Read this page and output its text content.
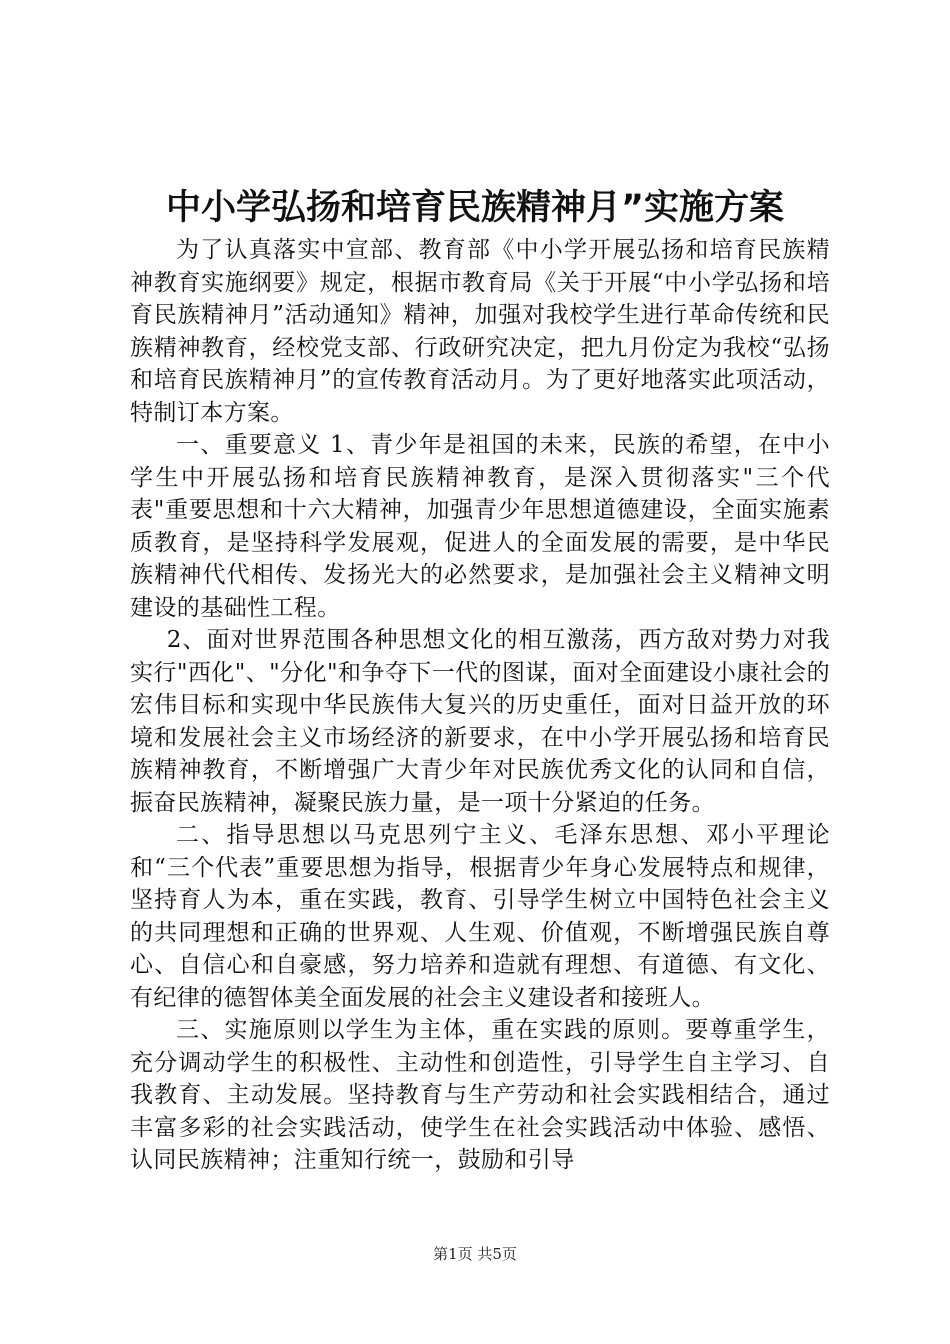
中小学弘扬和培育民族精神月”实施方案

为了认真落实中宣部、教育部《中小学开展弘扬和培育民族精神教育实施纲要》规定，根据市教育局《关于开展“中小学弘扬和培育民族精神月”活动通知》精神，加强对我校学生进行革命传统和民族精神教育，经校党支部、行政研究决定，把九月份定为我校“弘扬和培育民族精神月”的宣传教育活动月。为了更好地落实此项活动，特制订本方案。

一、重要意义 1、青少年是祖国的未来，民族的希望，在中小学生中开展弘扬和培育民族精神教育，是深入贯彻落实"三个代表"重要思想和十六大精神，加强青少年思想道德建设，全面实施素质教育，是坚持科学发展观，促进人的全面发展的需要，是中华民族精神代代相传、发扬光大的必然要求，是加强社会主义精神文明建设的基础性工程。

2、面对世界范围各种思想文化的相互激荡，西方敌对势力对我实行"西化"、"分化"和争夺下一代的图谋，面对全面建设小康社会的宏伟目标和实现中华民族伟大复兴的历史重任，面对日益开放的环境和发展社会主义市场经济的新要求，在中小学开展弘扬和培育民族精神教育，不断增强广大青少年对民族优秀文化的认同和自信，振奋民族精神，凝聚民族力量，是一项十分紧迫的任务。

二、指导思想以马克思列宁主义、毛泽东思想、邓小平理论和“三个代表”重要思想为指导，根据青少年身心发展特点和规律，坚持育人为本，重在实践，教育、引导学生树立中国特色社会主义的共同理想和正确的世界观、人生观、价值观，不断增强民族自尊心、自信心和自豪感，努力培养和造就有理想、有道德、有文化、有纪律的德智体美全面发展的社会主义建设者和接班人。

三、实施原则以学生为主体，重在实践的原则。要尊重学生，充分调动学生的积极性、主动性和创造性，引导学生自主学习、自我教育、主动发展。坚持教育与生产劳动和社会实践相结合，通过丰富多彩的社会实践活动，使学生在社会实践活动中体验、感悟、认同民族精神；注重知行统一，鼓励和引导

第1页 共5页
